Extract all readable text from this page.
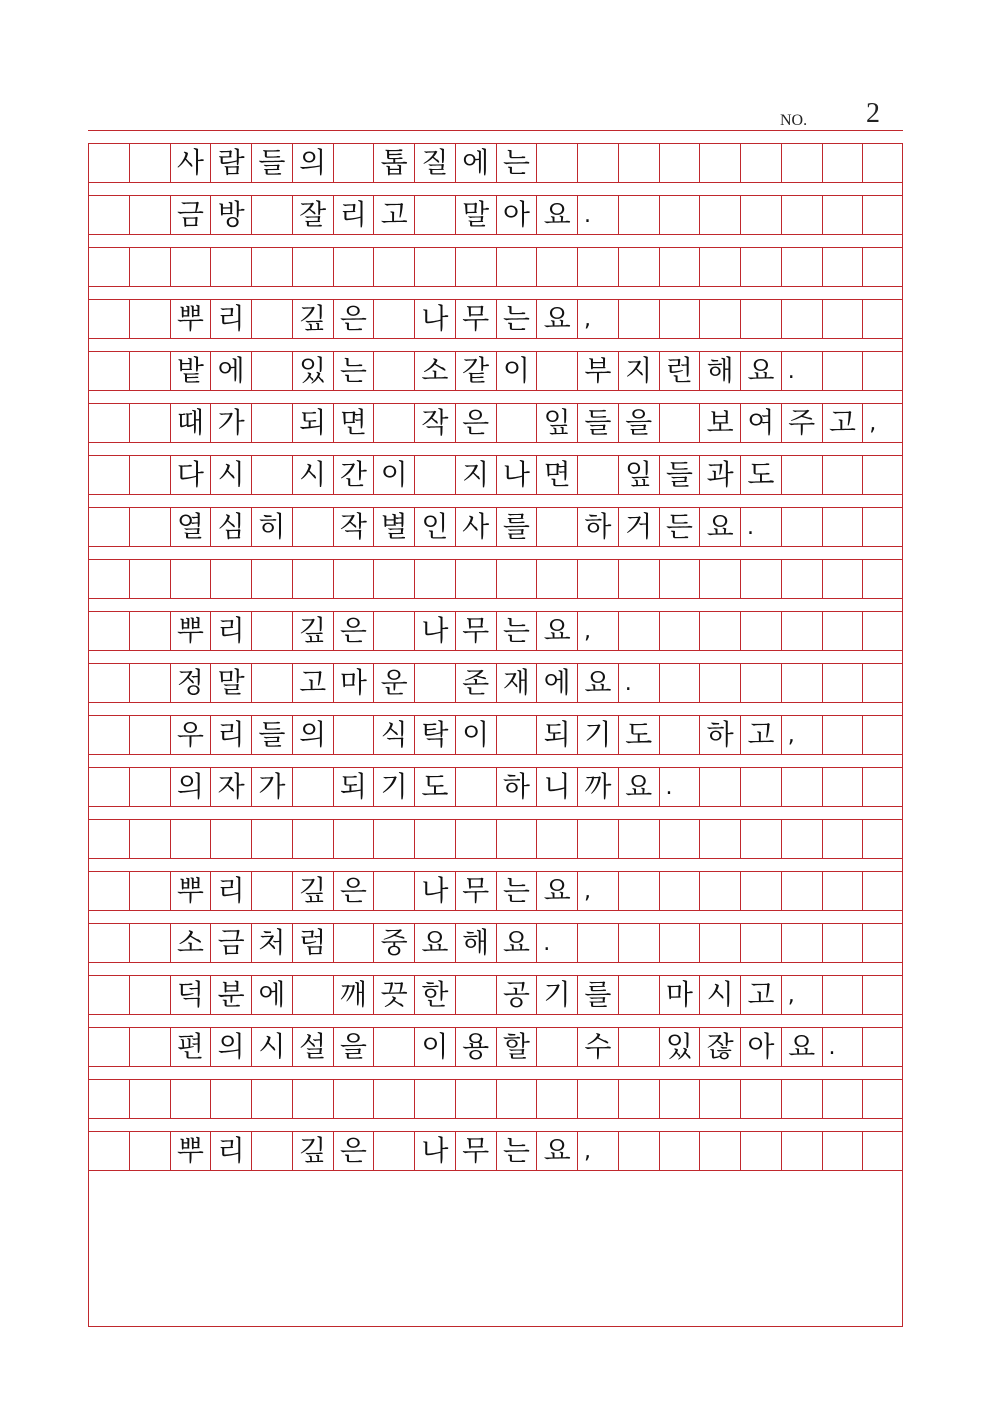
NO. 2
사 람 들 의 톱 질 에 는
금 방 잘 리 고 말 아 요 .
뿌 리 깊 은 나 무 는 요 ,
밭 에 있 는 소 같 이 부 지 런 해 요 .
때 가 되 면 작 은 잎 들 을 보 여 주 고 ,
다 시 시 간 이 지 나 면 잎 들 과 도
열 심 히 작 별 인 사 를 하 거 든 요 .
뿌 리 깊 은 나 무 는 요 ,
정 말 고 마 운 존 재 에 요 .
우 리 들 의 식 탁 이 되 기 도 하 고 ,
의 자 가 되 기 도 하 니 까 요 .
뿌 리 깊 은 나 무 는 요 ,
소 금 처 럼 중 요 해 요 .
덕 분 에 깨 끗 한 공 기 를 마 시 고 ,
편 의 시 설 을 이 용 할 수 있 잖 아 요 .
뿌 리 깊 은 나 무 는 요 ,
